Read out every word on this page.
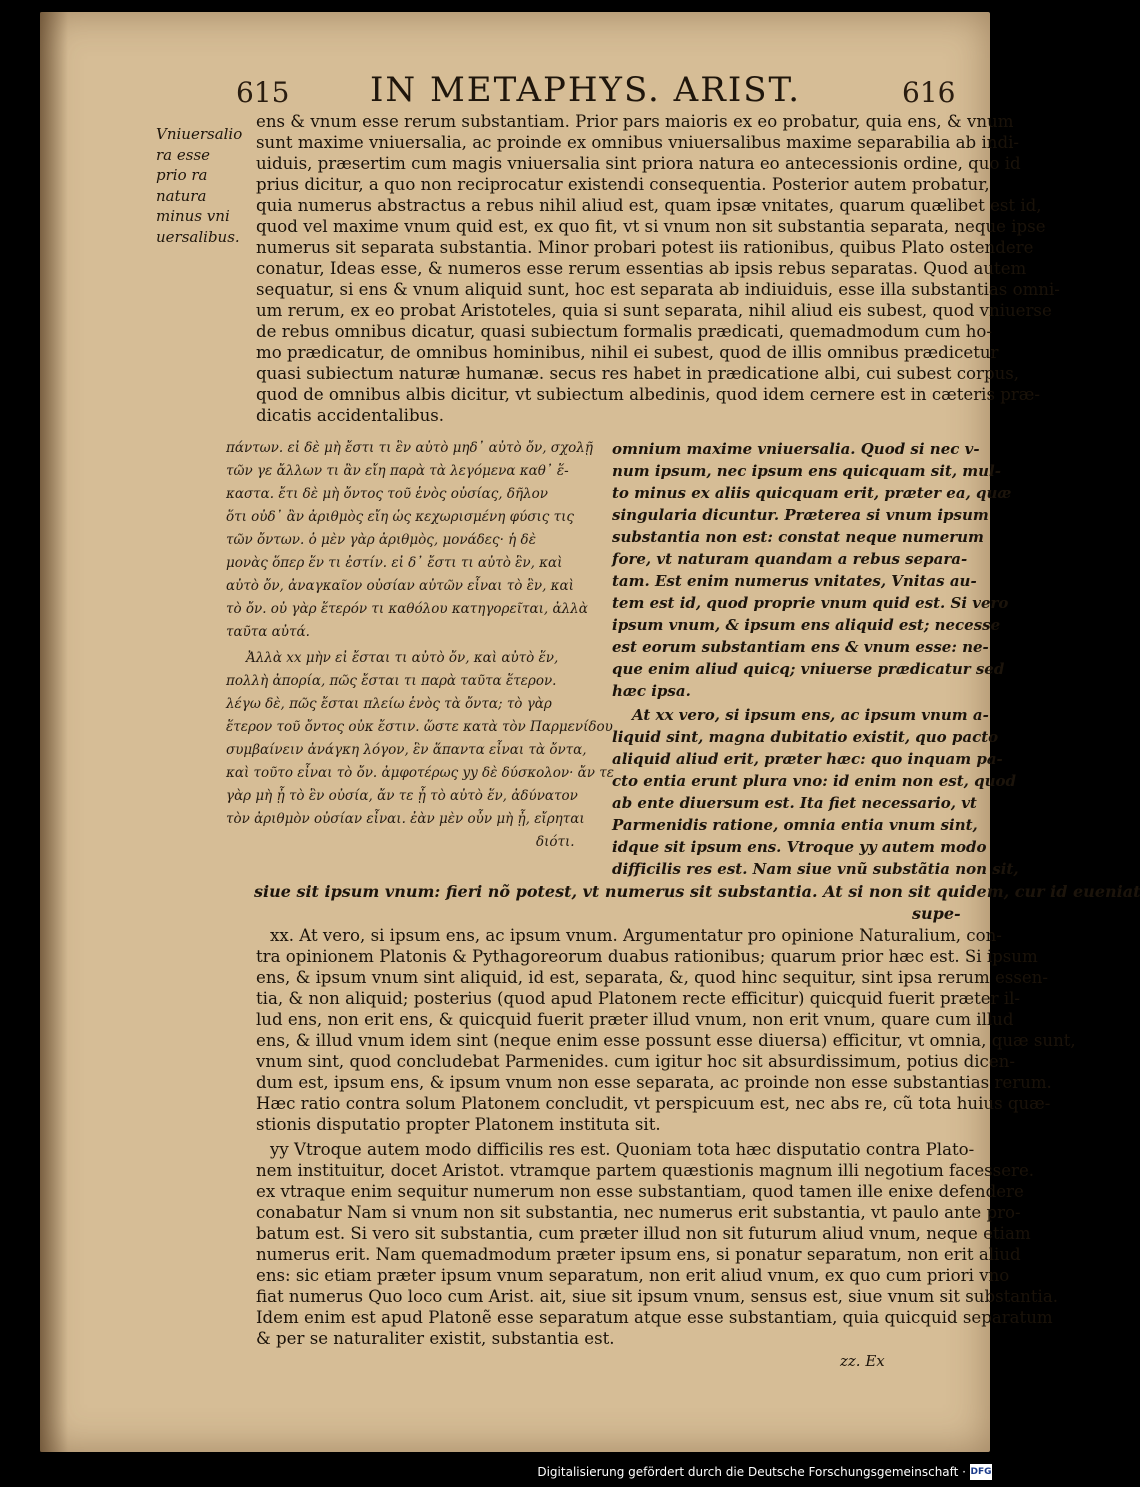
615 IN METAPHYS. ARIST.	616
Vniuersalio ra esse prio ra natura minus vni uersalibus.
ens & vnum esse rerum substantiam. Prior pars maioris ex eo probatur, quia ens, & vnum
sunt maxime vniuersalia, ac proinde ex omnibus vniuersalibus maxime separabilia ab indi-
uiduis, præsertim cum magis vniuersalia sint priora natura eo antecessionis ordine, quo id
prius dicitur, a quo non reciprocatur existendi consequentia. Posterior autem probatur,
quia numerus abstractus a rebus nihil aliud est, quam ipsæ vnitates, quarum quælibet est id,
quod vel maxime vnum quid est, ex quo fit, vt si vnum non sit substantia separata, neque ipse
numerus sit separata substantia. Minor probari potest iis rationibus, quibus Plato ostendere
conatur, Ideas esse, & numeros esse rerum essentias ab ipsis rebus separatas. Quod autem
sequatur, si ens & vnum aliquid sunt, hoc est separata ab indiuiduis, esse illa substantias omni-
um rerum, ex eo probat Aristoteles, quia si sunt separata, nihil aliud eis subest, quod vniuerse
de rebus omnibus dicatur, quasi subiectum formalis prædicati, quemadmodum cum ho-
mo prædicatur, de omnibus hominibus, nihil ei subest, quod de illis omnibus prædicetur
quasi subiectum naturæ humanæ. secus res habet in prædicatione albi, cui subest corpus,
quod de omnibus albis dicitur, vt subiectum albedinis, quod idem cernere est in cæteris præ-
dicatis accidentalibus.
πάντων. εἰ δὲ μὴ ἔστι τι ἓν αὐτὸ μηδ᾽ αὐτὸ ὄν, σχολῇ
τῶν γε ἄλλων τι ἂν εἴη παρὰ τὰ λεγόμενα καθ᾽ ἕ-
καστα. ἔτι δὲ μὴ ὄντος τοῦ ἑνὸς οὐσίας, δῆλον
ὅτι οὐδ᾽ ἂν ἀριθμὸς εἴη ὡς κεχωρισμένη φύσις τις
τῶν ὄντων. ὁ μὲν γὰρ ἀριθμὸς, μονάδες· ἡ δὲ
μονὰς ὅπερ ἕν τι ἐστίν. εἰ δ᾽ ἔστι τι αὐτὸ ἓν, καὶ
αὐτὸ ὄν, ἀναγκαῖον οὐσίαν αὐτῶν εἶναι τὸ ἓν, καὶ
τὸ ὄν. οὐ γὰρ ἕτερόν τι καθόλου κατηγορεῖται, ἀλλὰ
ταῦτα αὐτά.
Ἀλλὰ xx μὴν εἰ ἔσται τι αὐτὸ ὄν, καὶ αὐτὸ ἕν,
πολλὴ ἀπορία, πῶς ἔσται τι παρὰ ταῦτα ἕτερον.
λέγω δὲ, πῶς ἔσται πλείω ἑνὸς τὰ ὄντα; τὸ γὰρ
ἕτερον τοῦ ὄντος οὐκ ἔστιν. ὥστε κατὰ τὸν Παρμενίδου
συμβαίνειν ἀνάγκη λόγον, ἓν ἅπαντα εἶναι τὰ ὄντα,
καὶ τοῦτο εἶναι τὸ ὄν. ἀμφοτέρως yy δὲ δύσκολον· ἄν τε
γὰρ μὴ ᾖ τὸ ἓν οὐσία, ἄν τε ᾖ τὸ αὐτὸ ἕν, ἀδύνατον
τὸν ἀριθμὸν οὐσίαν εἶναι. ἐὰν μὲν οὖν μὴ ᾖ, εἴρηται
διότι.
omnium maxime vniuersalia. Quod si nec v-
num ipsum, nec ipsum ens quicquam sit, mul-
to minus ex aliis quicquam erit, præter ea, quæ
singularia dicuntur. Præterea si vnum ipsum
substantia non est: constat neque numerum
fore, vt naturam quandam a rebus separa-
tam. Est enim numerus vnitates, Vnitas au-
tem est id, quod proprie vnum quid est. Si vero
ipsum vnum, & ipsum ens aliquid est; necesse
est eorum substantiam ens & vnum esse: ne-
que enim aliud quicq; vniuerse prædicatur sed
hæc ipsa.
At xx vero, si ipsum ens, ac ipsum vnum a-
liquid sint, magna dubitatio existit, quo pacto
aliquid aliud erit, præter hæc: quo inquam pa-
cto entia erunt plura vno: id enim non est, quod
ab ente diuersum est. Ita fiet necessario, vt
Parmenidis ratione, omnia entia vnum sint,
idque sit ipsum ens. Vtroque yy autem modo
difficilis res est. Nam siue vnũ substãtia non sit,
siue sit ipsum vnum: fieri nõ potest, vt numerus sit substantia. At si non sit quidem, cur id eueniat
supe-
xx. At vero, si ipsum ens, ac ipsum vnum. Argumentatur pro opinione Naturalium, con-
tra opinionem Platonis & Pythagoreorum duabus rationibus; quarum prior hæc est. Si ipsum
ens, & ipsum vnum sint aliquid, id est, separata, &, quod hinc sequitur, sint ipsa rerum essen-
tia, & non aliquid; posterius (quod apud Platonem recte efficitur) quicquid fuerit præter il-
lud ens, non erit ens, & quicquid fuerit præter illud vnum, non erit vnum, quare cum illud
ens, & illud vnum idem sint (neque enim esse possunt esse diuersa) efficitur, vt omnia, quæ sunt,
vnum sint, quod concludebat Parmenides. cum igitur hoc sit absurdissimum, potius dicen-
dum est, ipsum ens, & ipsum vnum non esse separata, ac proinde non esse substantias rerum.
Hæc ratio contra solum Platonem concludit, vt perspicuum est, nec abs re, cũ tota huius quæ-
stionis disputatio propter Platonem instituta sit.
yy Vtroque autem modo difficilis res est. Quoniam tota hæc disputatio contra Plato-
nem instituitur, docet Aristot. vtramque partem quæstionis magnum illi negotium facessere.
ex vtraque enim sequitur numerum non esse substantiam, quod tamen ille enixe defendere
conabatur Nam si vnum non sit substantia, nec numerus erit substantia, vt paulo ante pro-
batum est. Si vero sit substantia, cum præter illud non sit futurum aliud vnum, neque etiam
numerus erit. Nam quemadmodum præter ipsum ens, si ponatur separatum, non erit aliud
ens: sic etiam præter ipsum vnum separatum, non erit aliud vnum, ex quo cum priori vno
fiat numerus Quo loco cum Arist. ait, siue sit ipsum vnum, sensus est, siue vnum sit substantia.
Idem enim est apud Platonẽ esse separatum atque esse substantiam, quia quicquid separatum
& per se naturaliter existit, substantia est.
zz. Ex
Digitalisierung gefördert durch die Deutsche Forschungsgemeinschaft · DFG
